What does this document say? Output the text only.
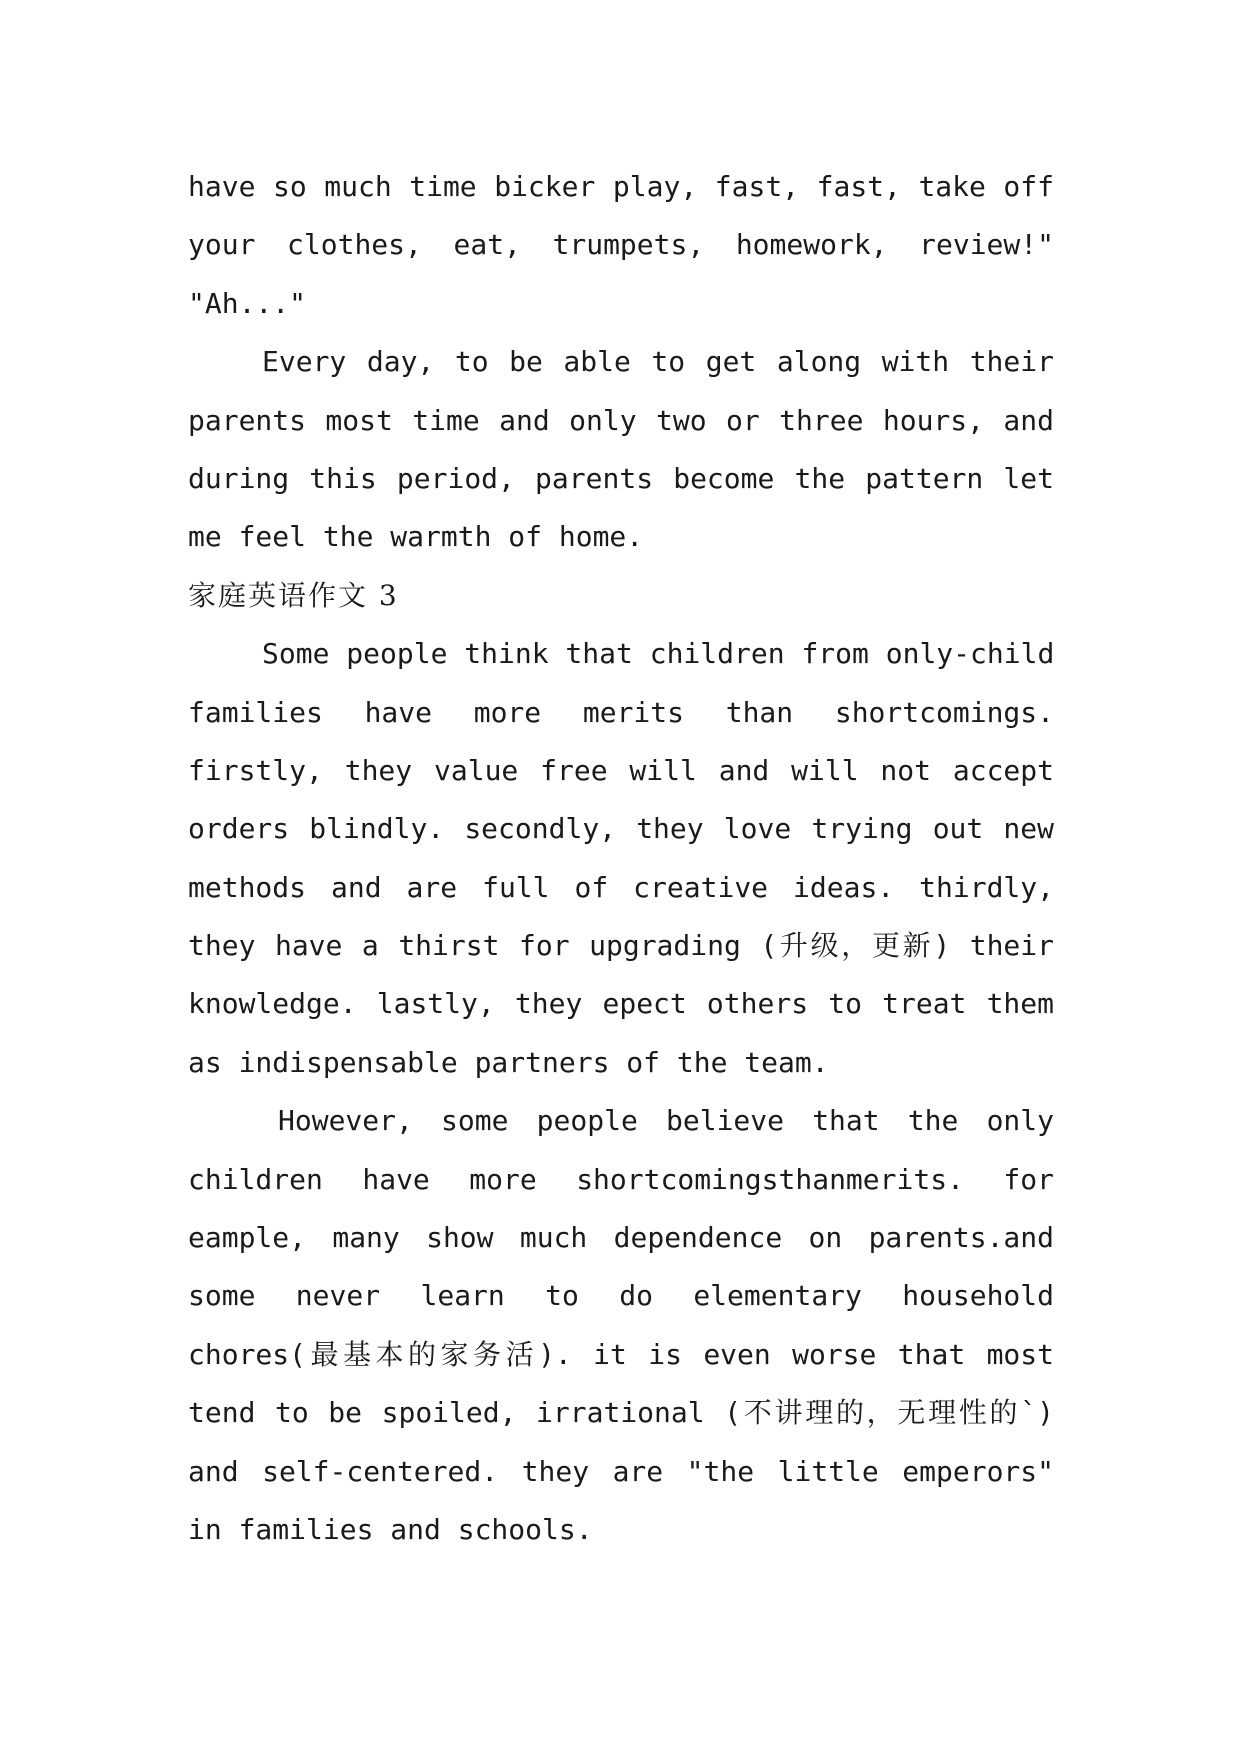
have so much time bicker play, fast, fast, take off
your clothes, eat, trumpets, homework, review!"
"Ah..."
Every day, to be able to get along with their
parents most time and only two or three hours, and
during this period, parents become the pattern let
me feel the warmth of home.
家庭英语作文 3
Some people think that children from only-child
families have more merits than shortcomings.
firstly, they value free will and will not accept
orders blindly. secondly, they love trying out new
methods and are full of creative ideas. thirdly,
they have a thirst for upgrading (升级，更新) their
knowledge. lastly, they epect others to treat them
as indispensable partners of the team.
However, some people believe that the only
children have more shortcomingsthanmerits. for
eample, many show much dependence on parents.and
some never learn to do elementary household
chores(最基本的家务活). it is even worse that most
tend to be spoiled, irrational (不讲理的，无理性的`)
and self-centered. they are "the little emperors"
in families and schools.
